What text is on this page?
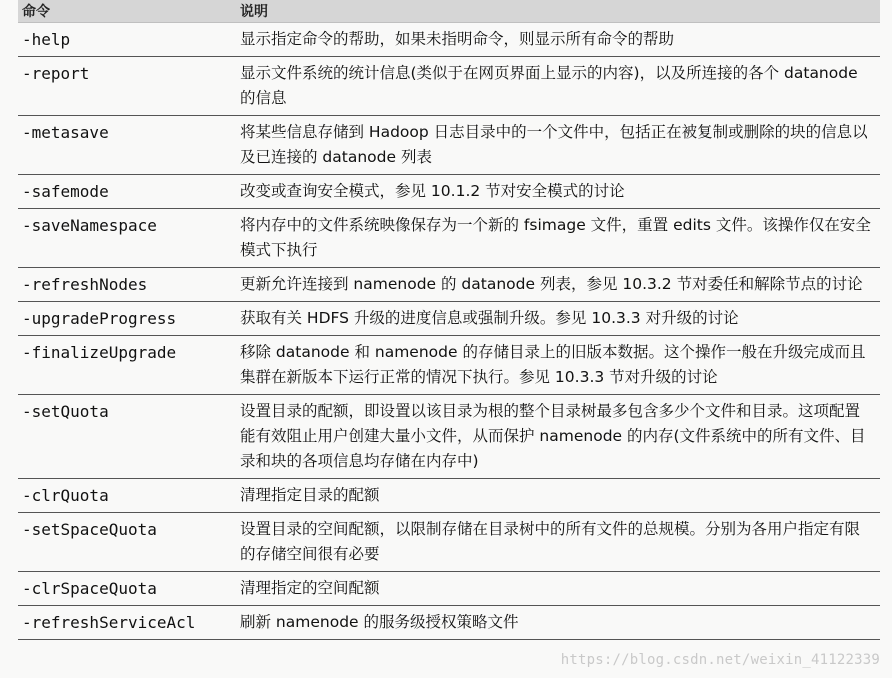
命令	说明
-help	显示指定命令的帮助，如果未指明命令，则显示所有命令的帮助
-report	显示文件系统的统计信息(类似于在网页界面上显示的内容)，以及所连接的各个 datanode 的信息
-metasave	将某些信息存储到 Hadoop 日志目录中的一个文件中，包括正在被复制或删除的块的信息以及已连接的 datanode 列表
-safemode	改变或查询安全模式，参见 10.1.2 节对安全模式的讨论
-saveNamespace	将内存中的文件系统映像保存为一个新的 fsimage 文件，重置 edits 文件。该操作仅在安全模式下执行
-refreshNodes	更新允许连接到 namenode 的 datanode 列表，参见 10.3.2 节对委任和解除节点的讨论
-upgradeProgress	获取有关 HDFS 升级的进度信息或强制升级。参见 10.3.3 对升级的讨论
-finalizeUpgrade	移除 datanode 和 namenode 的存储目录上的旧版本数据。这个操作一般在升级完成而且集群在新版本下运行正常的情况下执行。参见 10.3.3 节对升级的讨论
-setQuota	设置目录的配额，即设置以该目录为根的整个目录树最多包含多少个文件和目录。这项配置能有效阻止用户创建大量小文件，从而保护 namenode 的内存(文件系统中的所有文件、目录和块的各项信息均存储在内存中)
-clrQuota	清理指定目录的配额
-setSpaceQuota	设置目录的空间配额，以限制存储在目录树中的所有文件的总规模。分别为各用户指定有限的存储空间很有必要
-clrSpaceQuota	清理指定的空间配额
-refreshServiceAcl	刷新 namenode 的服务级授权策略文件
https://blog.csdn.net/weixin_41122339
